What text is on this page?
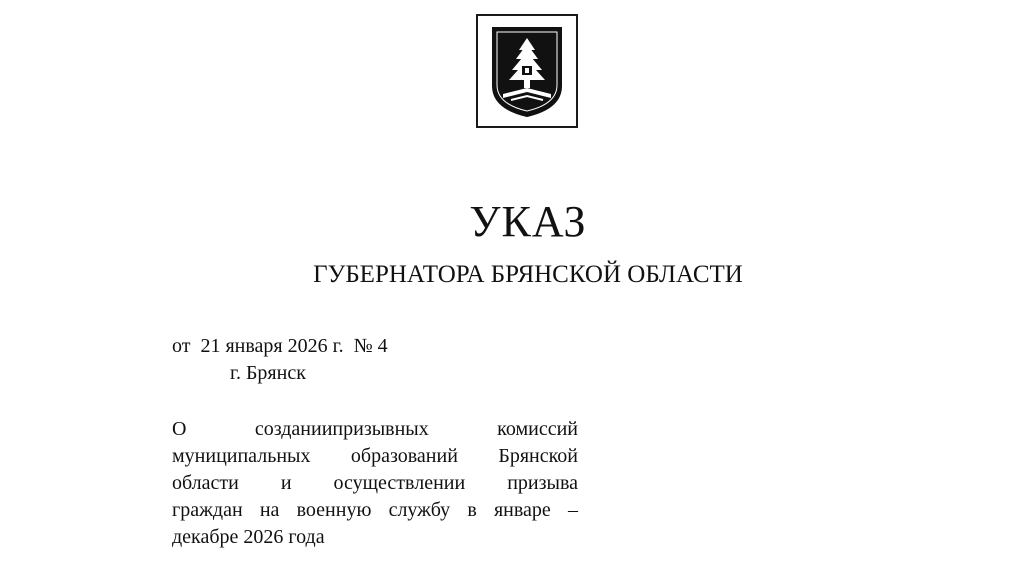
УКАЗ
ГУБЕРНАТОРА БРЯНСКОЙ ОБЛАСТИ
от  21 января 2026 г.  № 4
г. Брянск
О созданиипризывных комиссий
муниципальных образований Брянской
области и осуществлении призыва
граждан на военную службу в январе –
декабре 2026 года
